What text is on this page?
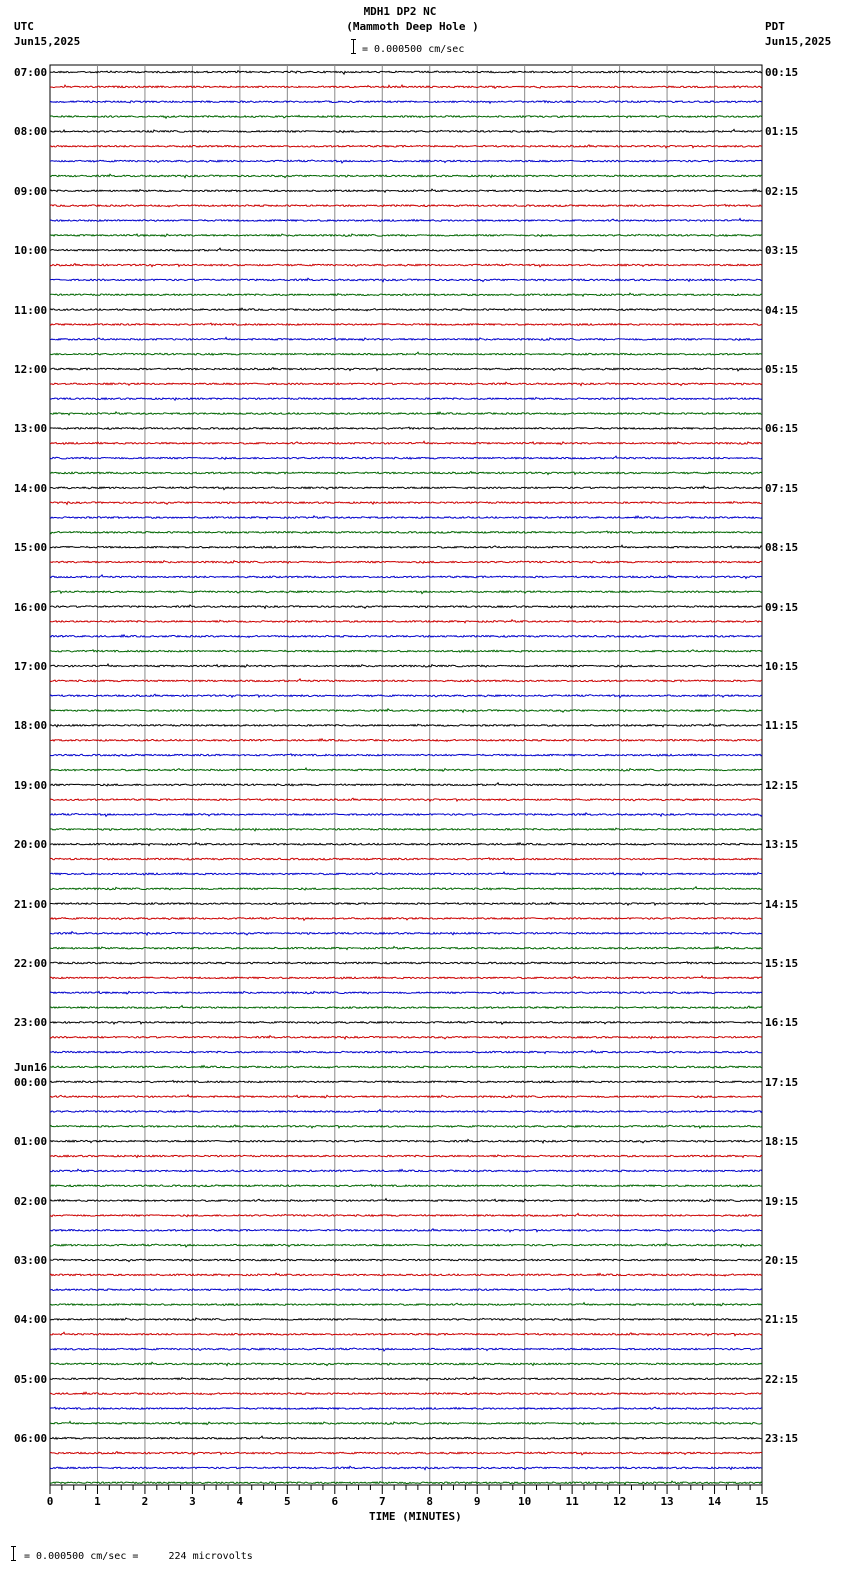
MDH1 DP2 NC
(Mammoth Deep Hole )
= 0.000500 cm/sec
UTC
Jun15,2025
PDT
Jun15,2025
0	1	2	3	4	5	6	7	8	9	10	11	12	13	14	15
07:00
08:00
09:00
10:00
11:00
12:00
13:00
14:00
15:00
16:00
17:00
18:00
19:00
20:00
21:00
22:00
23:00
00:00
Jun16
01:00
02:00
03:00
04:00
05:00
06:00
00:15
01:15
02:15
03:15
04:15
05:15
06:15
07:15
08:15
09:15
10:15
11:15
12:15
13:15
14:15
15:15
16:15
17:15
18:15
19:15
20:15
21:15
22:15
23:15
TIME (MINUTES)
= 0.000500 cm/sec =     224 microvolts
